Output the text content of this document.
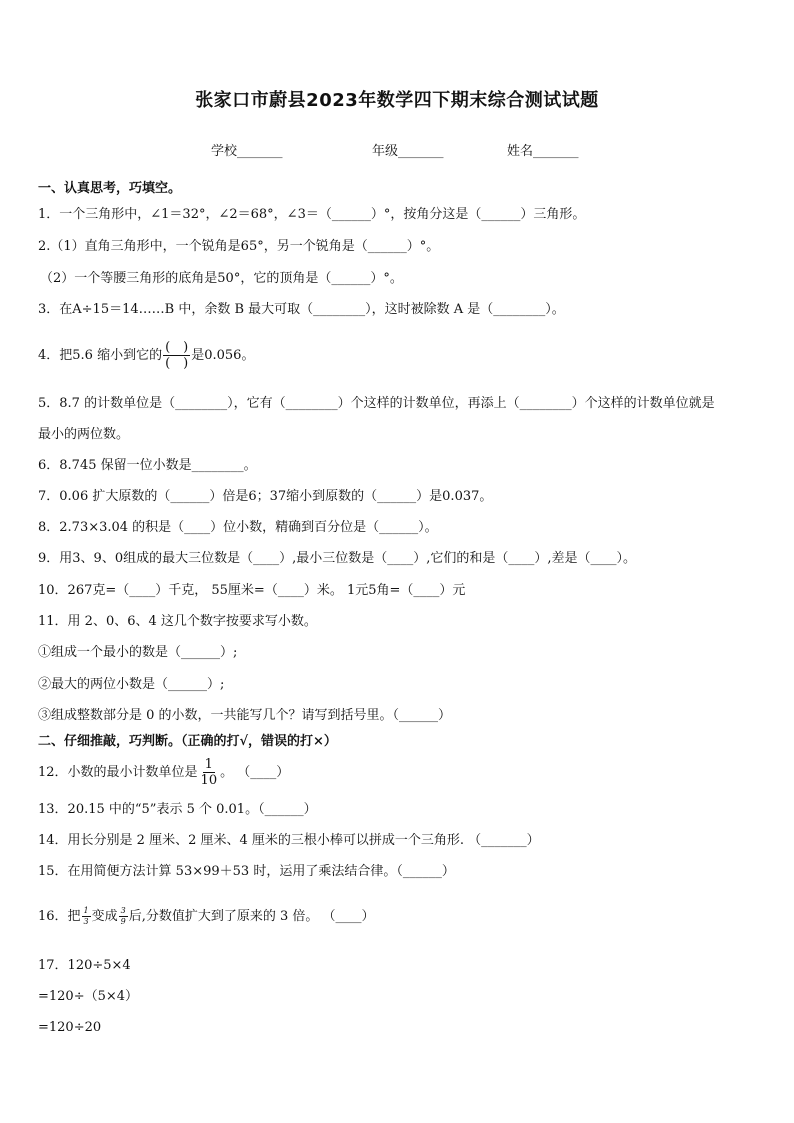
张家口市蔚县2023年数学四下期末综合测试试题
学校_______	年级_______	姓名_______
一、认真思考，巧填空。
1．一个三角形中，∠1＝32°，∠2＝68°，∠3＝（______）°，按角分这是（______）三角形。
2.（1）直角三角形中，一个锐角是65°，另一个锐角是（______）°。
（2）一个等腰三角形的底角是50°，它的顶角是（______）°。
3．在A÷15＝14……B 中，余数 B 最大可取（________），这时被除数 A 是（________）。
4．把5.6 缩小到它的 $\frac{( )}{( )}$ 是0.056。
5．8.7 的计数单位是（________），它有（________）个这样的计数单位，再添上（________）个这样的计数单位就是
最小的两位数。
6．8.745 保留一位小数是________。
7．0.06 扩大原数的（______）倍是6；37缩小到原数的（______）是0.037。
8．2.73×3.04 的积是（____）位小数，精确到百分位是（______）。
9．用3、9、0组成的最大三位数是（____）,最小三位数是（____）,它们的和是（____）,差是（____）。
10．267克=（____）千克， 55厘米=（____）米。 1元5角=（____）元
11．用 2、0、6、4 这几个数字按要求写小数。
①组成一个最小的数是（______）;
②最大的两位小数是（______）;
③组成整数部分是 0 的小数，一共能写几个？请写到括号里。（______）
二、仔细推敲，巧判断。（正确的打√，错误的打×）
12．小数的最小计数单位是 $\frac{1}{10}$ 。 （____）
13．20.15 中的“5”表示 5 个 0.01。（______）
14．用长分别是 2 厘米、2 厘米、4 厘米的三根小棒可以拼成一个三角形. （_______）
15．在用简便方法计算 53×99＋53 时，运用了乘法结合律。（______）
16．把 $\frac{1}{3}$ 变成 $\frac{3}{9}$ 后,分数值扩大到了原来的 3 倍。 （____）
17．120÷5×4
=120÷（5×4）
=120÷20
